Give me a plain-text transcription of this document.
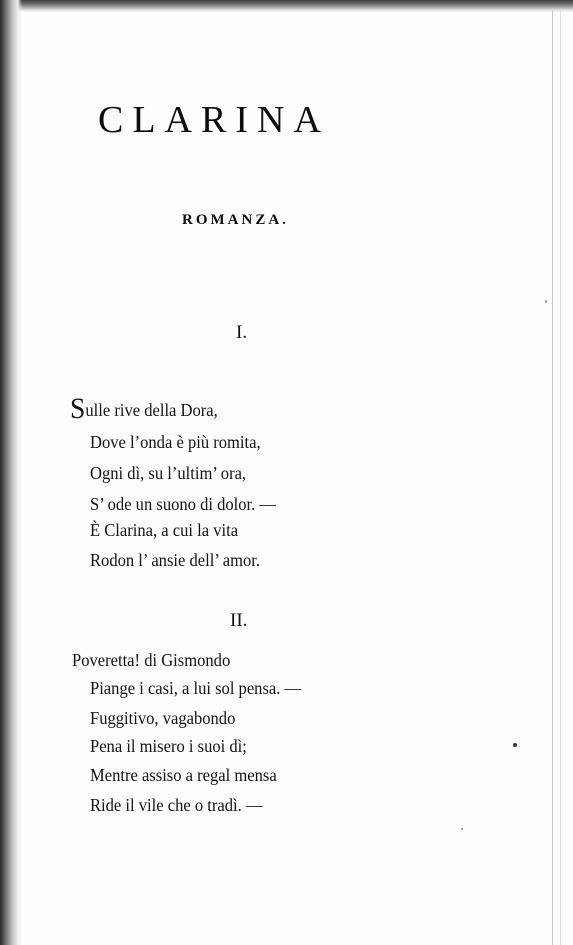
CLARINA
ROMANZA.
I.
Sulle rive della Dora,
Dove l’onda è più romita,
Ogni dì, su l’ultim’ ora,
S’ ode un suono di dolor. —
È Clarina, a cui la vita
Rodon l’ ansie dell’ amor.
II.
Poveretta! di Gismondo
Piange i casi, a lui sol pensa. —
Fuggitivo, vagabondo
Pena il misero i suoi dì;
Mentre assiso a regal mensa
Ride il vile che o tradì. —
